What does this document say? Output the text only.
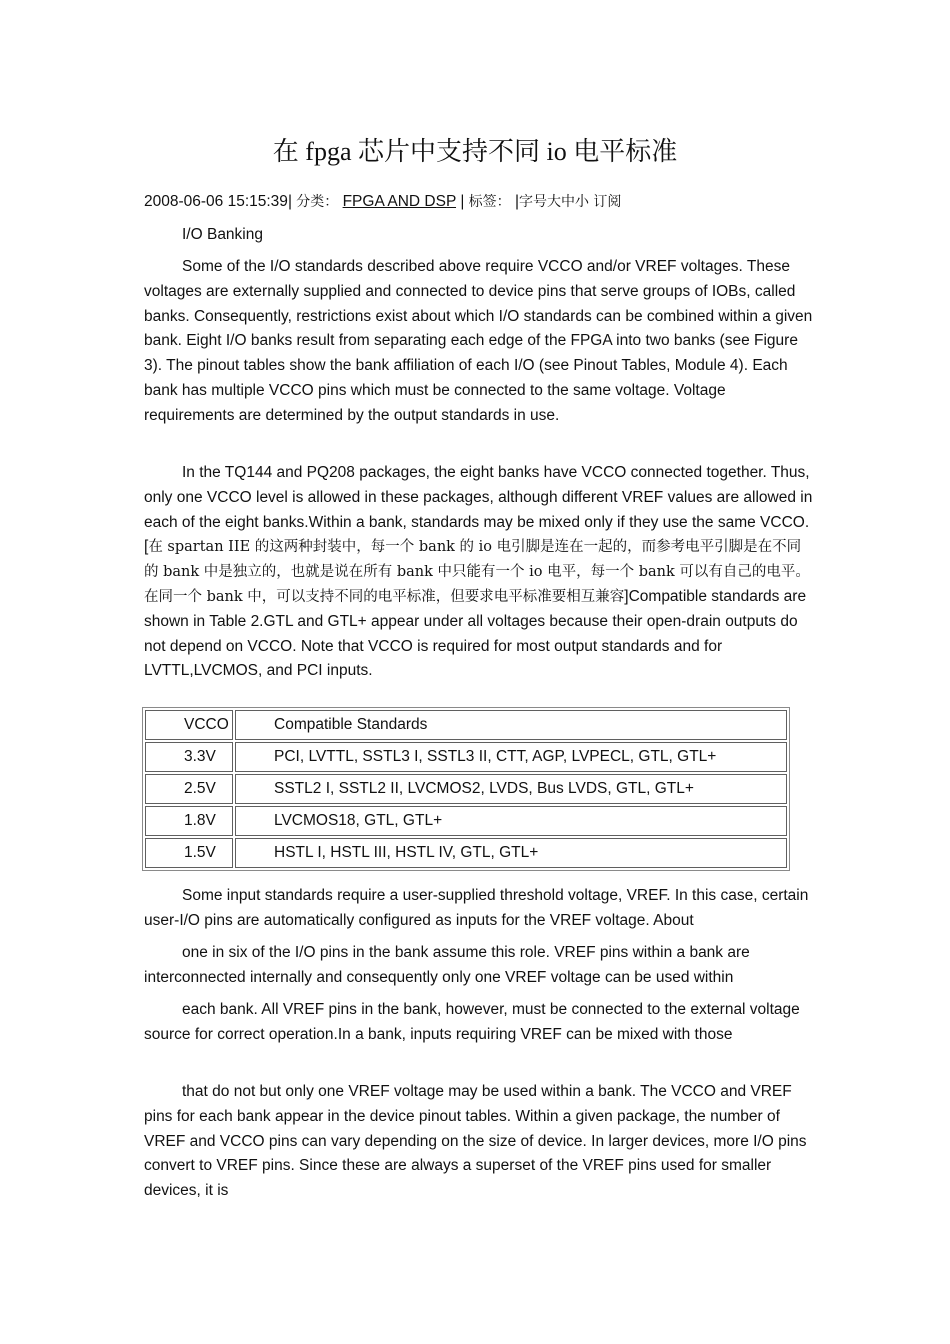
在 fpga 芯片中支持不同 io 电平标准
2008-06-06 15:15:39| 分类： FPGA AND DSP | 标签： |字号大中小 订阅
I/O Banking
Some of the I/O standards described above require VCCO and/or VREF voltages. These voltages are externally supplied and connected to device pins that serve groups of IOBs, called banks. Consequently, restrictions exist about which I/O standards can be combined within a given bank. Eight I/O banks result from separating each edge of the FPGA into two banks (see Figure 3). The pinout tables show the bank affiliation of each I/O (see Pinout Tables, Module 4). Each bank has multiple VCCO pins which must be connected to the same voltage. Voltage requirements are determined by the output standards in use.
In the TQ144 and PQ208 packages, the eight banks have VCCO connected together. Thus, only one VCCO level is allowed in these packages, although different VREF values are allowed in each of the eight banks.Within a bank, standards may be mixed only if they use the same VCCO. [在 spartan IIE 的这两种封装中，每一个 bank 的 io 电引脚是连在一起的，而参考电平引脚是在不同的 bank 中是独立的，也就是说在所有 bank 中只能有一个 io 电平，每一个 bank 可以有自己的电平。在同一个 bank 中，可以支持不同的电平标准，但要求电平标准要相互兼容]Compatible standards are shown in Table 2.GTL and GTL+ appear under all voltages because their open-drain outputs do not depend on VCCO. Note that VCCO is required for most output standards and for LVTTL,LVCMOS, and PCI inputs.
VCCO	Compatible Standards
3.3V	PCI, LVTTL, SSTL3 I, SSTL3 II, CTT, AGP, LVPECL, GTL, GTL+
2.5V	SSTL2 I, SSTL2 II, LVCMOS2, LVDS, Bus LVDS, GTL, GTL+
1.8V	LVCMOS18, GTL, GTL+
1.5V	HSTL I, HSTL III, HSTL IV, GTL, GTL+
Some input standards require a user-supplied threshold voltage, VREF. In this case, certain user-I/O pins are automatically configured as inputs for the VREF voltage. About
one in six of the I/O pins in the bank assume this role. VREF pins within a bank are interconnected internally and consequently only one VREF voltage can be used within
each bank. All VREF pins in the bank, however, must be connected to the external voltage source for correct operation.In a bank, inputs requiring VREF can be mixed with those
that do not but only one VREF voltage may be used within a bank. The VCCO and VREF pins for each bank appear in the device pinout tables. Within a given package, the number of VREF and VCCO pins can vary depending on the size of device. In larger devices, more I/O pins convert to VREF pins. Since these are always a superset of the VREF pins used for smaller devices, it is
